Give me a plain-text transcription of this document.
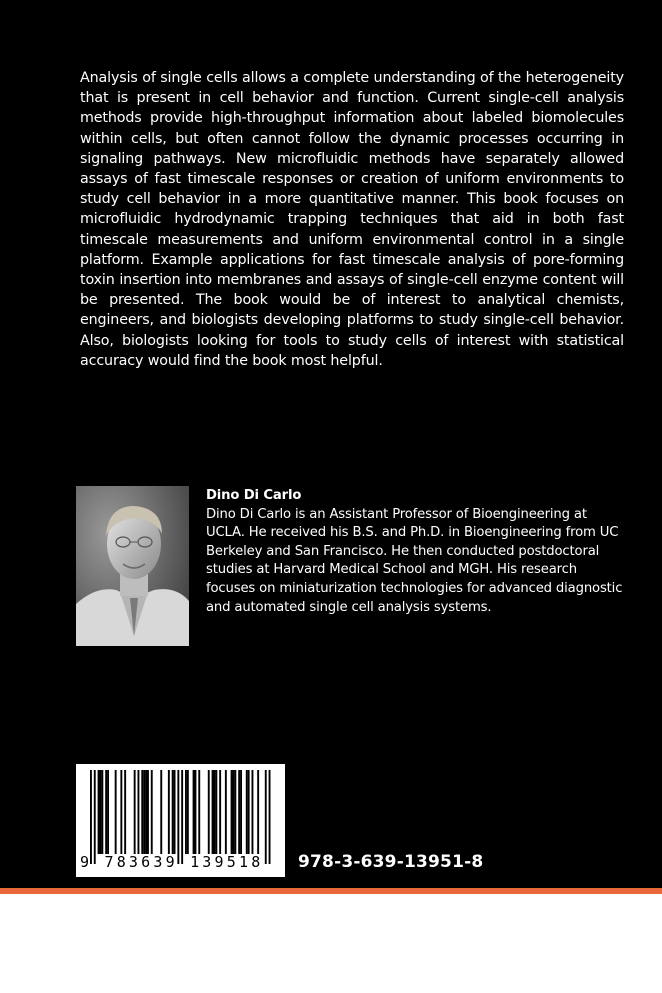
Analysis of single cells allows a complete understanding of the heterogeneity that is present in cell behavior and function. Current single-cell analysis methods provide high-throughput information about labeled biomolecules within cells, but often cannot follow the dynamic processes occurring in signaling pathways. New microfluidic methods have separately allowed assays of fast timescale responses or creation of uniform environments to study cell behavior in a more quantitative manner. This book focuses on microfluidic hydrodynamic trapping techniques that aid in both fast timescale measurements and uniform environmental control in a single platform. Example applications for fast timescale analysis of pore-forming toxin insertion into membranes and assays of single-cell enzyme content will be presented. The book would be of interest to analytical chemists, engineers, and biologists developing platforms to study single-cell behavior. Also, biologists looking for tools to study cells of interest with statistical accuracy would find the book most helpful.

Dino Di Carlo
Dino Di Carlo is an Assistant Professor of Bioengineering at UCLA. He received his B.S. and Ph.D. in Bioengineering from UC Berkeley and San Francisco. He then conducted postdoctoral studies at Harvard Medical School and MGH. His research focuses on miniaturization technologies for advanced diagnostic and automated single cell analysis systems.
9 783639 139518	978-3-639-13951-8
